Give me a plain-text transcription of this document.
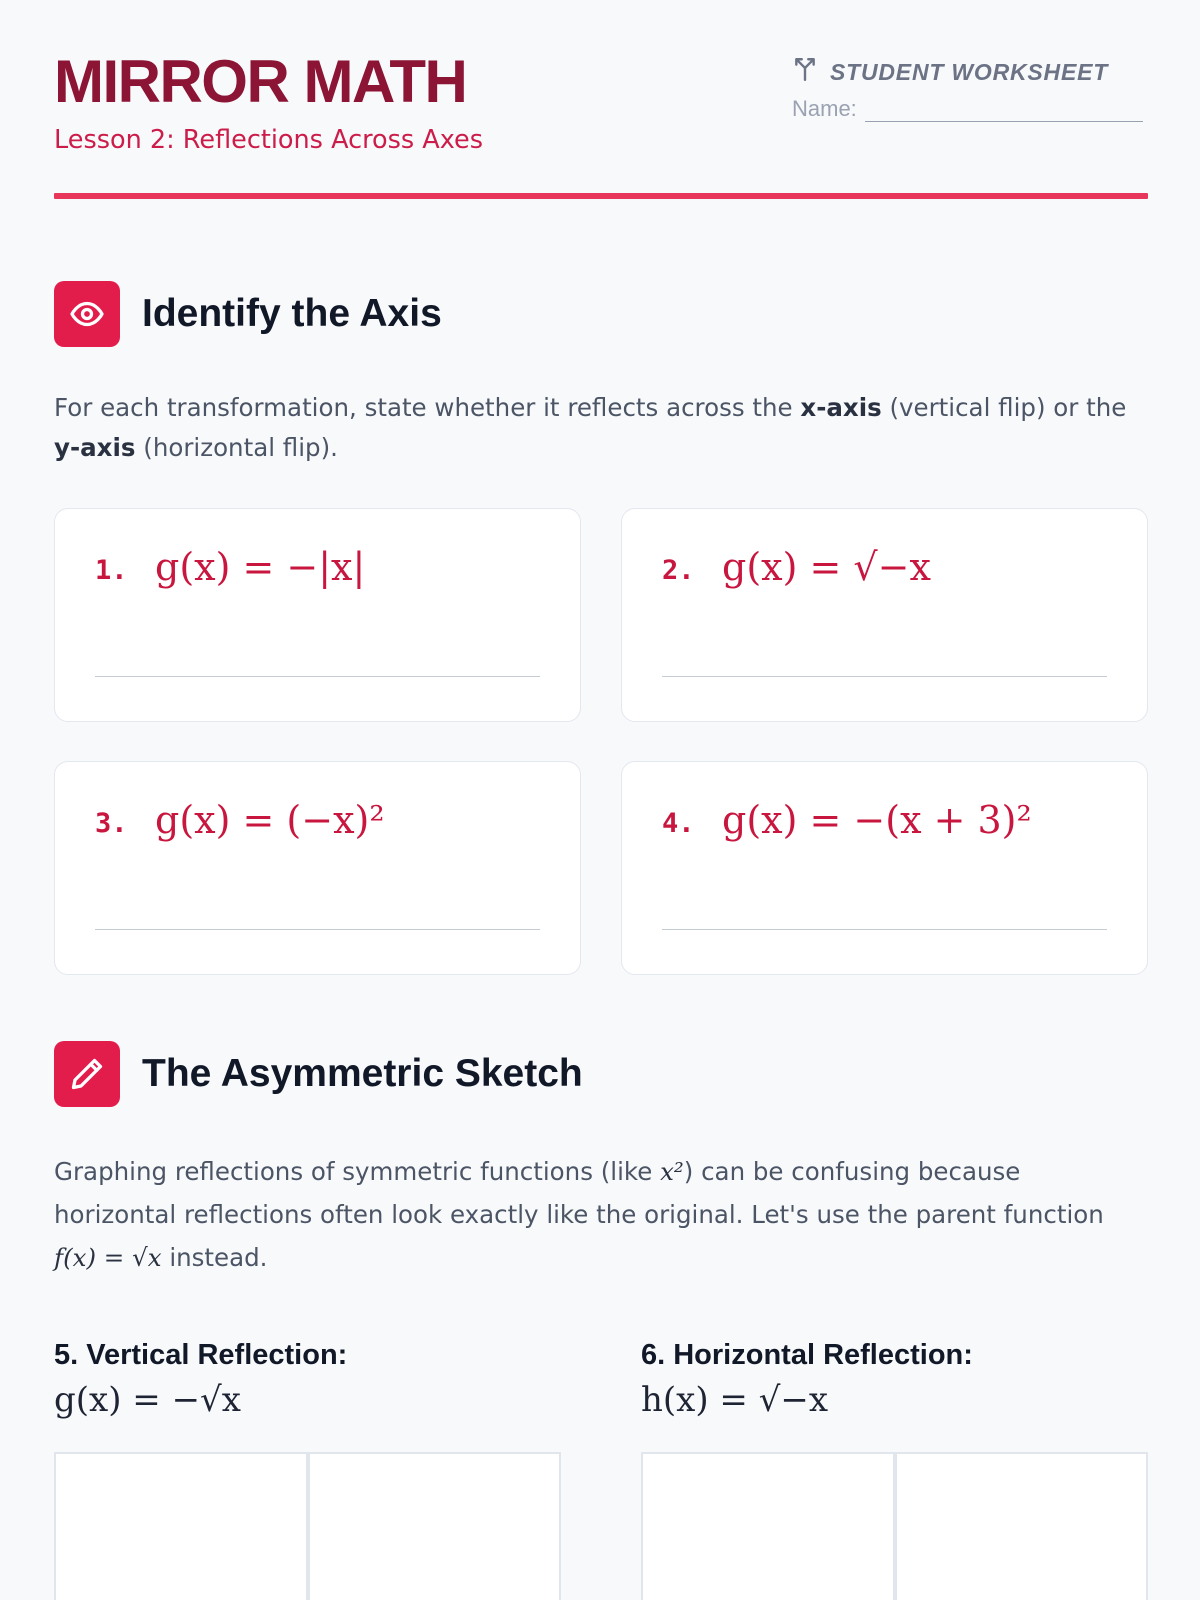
MIRROR MATH
Lesson 2: Reflections Across Axes
STUDENT WORKSHEET
Name:
Identify the Axis
For each transformation, state whether it reflects across the x-axis (vertical flip) or the y-axis (horizontal flip).
1. g(x) = −|x|	2. g(x) = √−x
3. g(x) = (−x)²	4. g(x) = −(x + 3)²
The Asymmetric Sketch
Graphing reflections of symmetric functions (like x²) can be confusing because horizontal reflections often look exactly like the original. Let's use the parent function f(x) = √x instead.
5. Vertical Reflection:
g(x) = −√x
6. Horizontal Reflection:
h(x) = √−x
